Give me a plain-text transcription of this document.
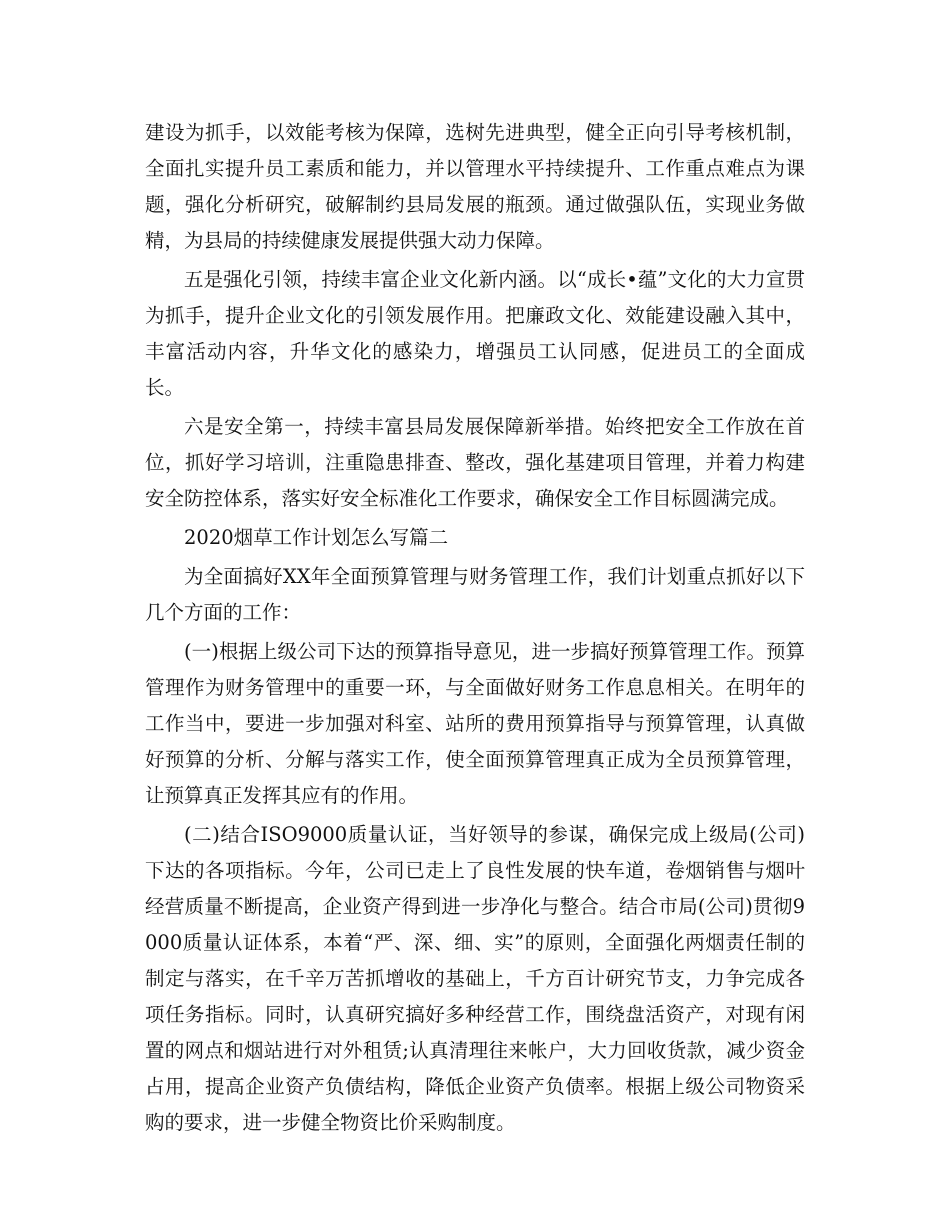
建设为抓手，以效能考核为保障，选树先进典型，健全正向引导考核机制，全面扎实提升员工素质和能力，并以管理水平持续提升、工作重点难点为课题，强化分析研究，破解制约县局发展的瓶颈。通过做强队伍，实现业务做精，为县局的持续健康发展提供强大动力保障。

五是强化引领，持续丰富企业文化新内涵。以“成长•蕴”文化的大力宣贯为抓手，提升企业文化的引领发展作用。把廉政文化、效能建设融入其中，丰富活动内容，升华文化的感染力，增强员工认同感，促进员工的全面成长。

六是安全第一，持续丰富县局发展保障新举措。始终把安全工作放在首位，抓好学习培训，注重隐患排查、整改，强化基建项目管理，并着力构建安全防控体系，落实好安全标准化工作要求，确保安全工作目标圆满完成。

2020烟草工作计划怎么写篇二

为全面搞好XX年全面预算管理与财务管理工作，我们计划重点抓好以下几个方面的工作：

(一)根据上级公司下达的预算指导意见，进一步搞好预算管理工作。预算管理作为财务管理中的重要一环，与全面做好财务工作息息相关。在明年的工作当中，要进一步加强对科室、站所的费用预算指导与预算管理，认真做好预算的分析、分解与落实工作，使全面预算管理真正成为全员预算管理，让预算真正发挥其应有的作用。

(二)结合ISO9000质量认证，当好领导的参谋，确保完成上级局(公司)下达的各项指标。今年，公司已走上了良性发展的快车道，卷烟销售与烟叶经营质量不断提高，企业资产得到进一步净化与整合。结合市局(公司)贯彻9000质量认证体系，本着“严、深、细、实”的原则，全面强化两烟责任制的制定与落实，在千辛万苦抓增收的基础上，千方百计研究节支，力争完成各项任务指标。同时，认真研究搞好多种经营工作，围绕盘活资产，对现有闲置的网点和烟站进行对外租赁;认真清理往来帐户，大力回收货款，减少资金占用，提高企业资产负债结构，降低企业资产负债率。根据上级公司物资采购的要求，进一步健全物资比价采购制度。
